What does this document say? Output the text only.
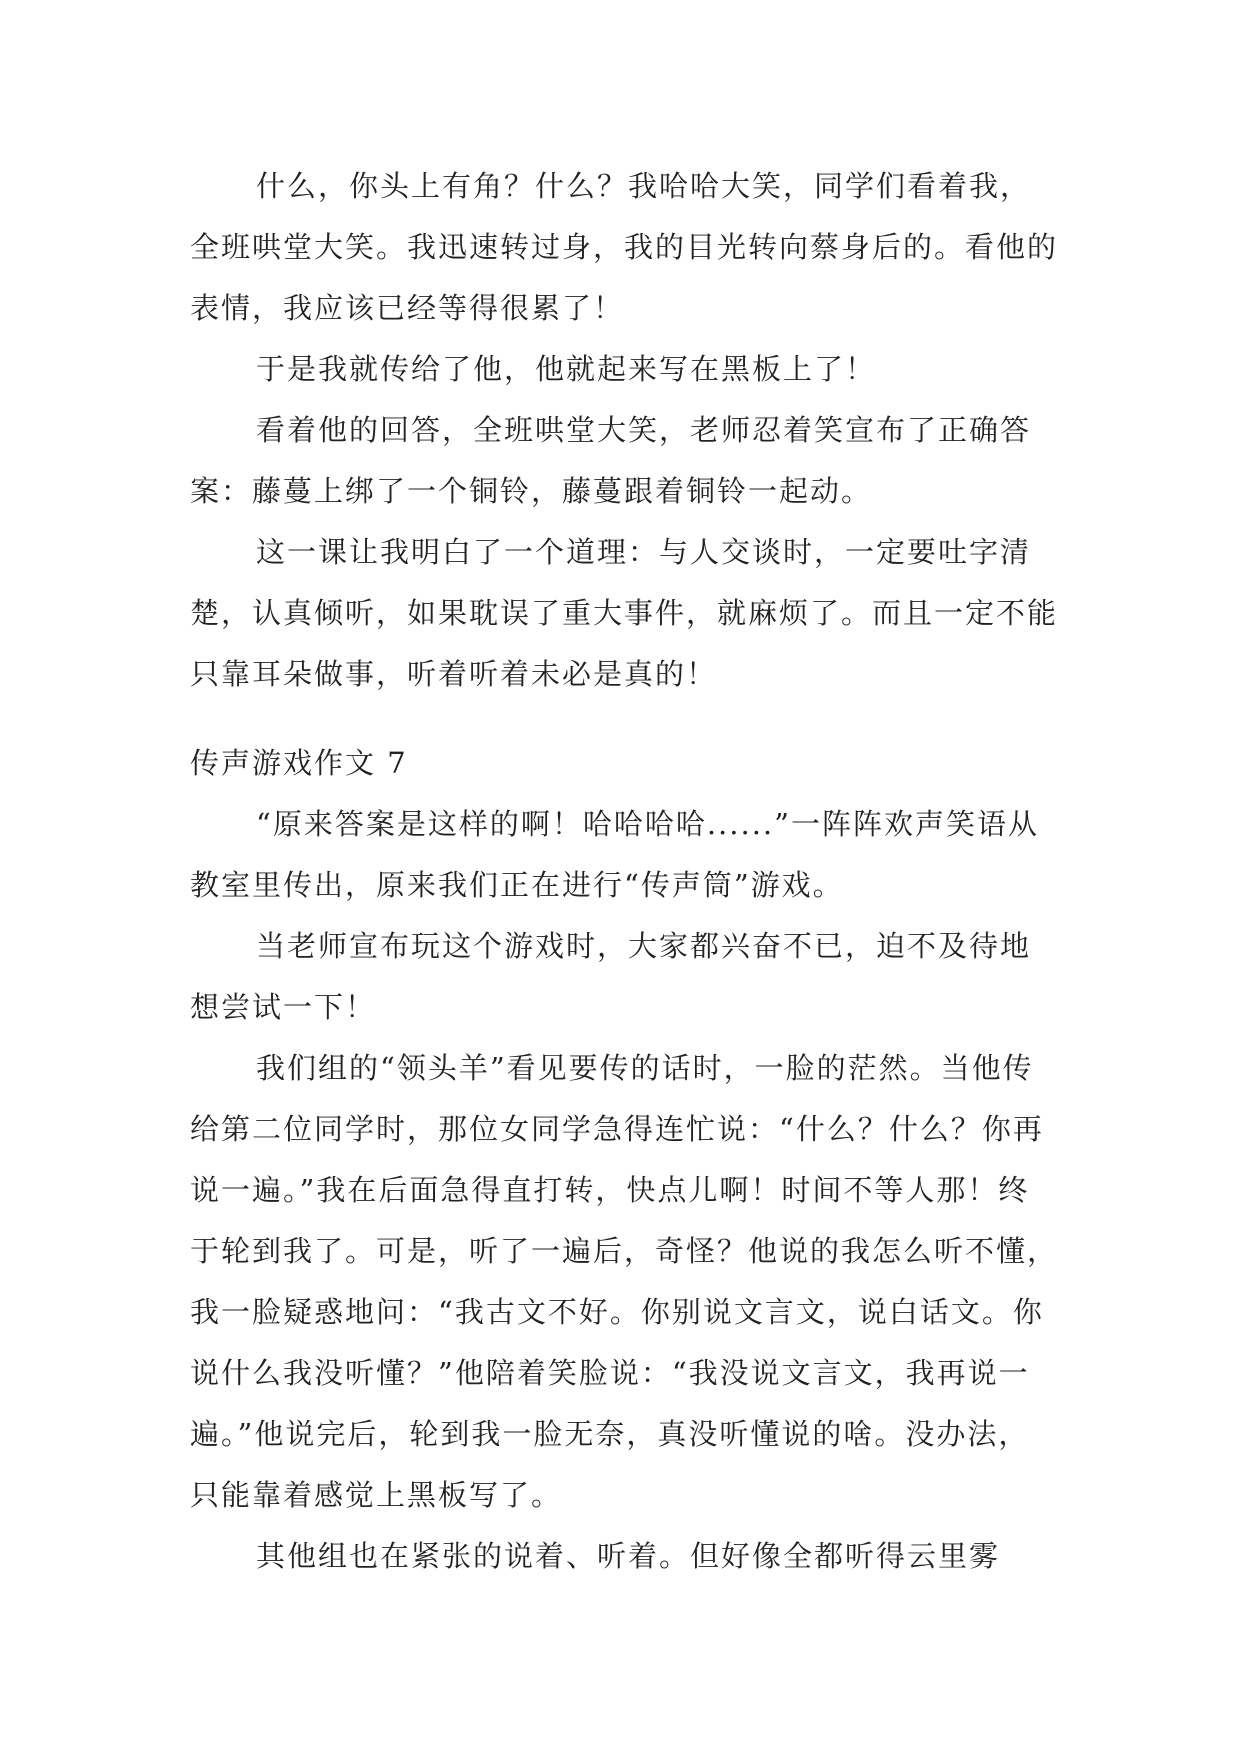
什么，你头上有角？什么？我哈哈大笑，同学们看着我，全班哄堂大笑。我迅速转过身，我的目光转向蔡身后的。看他的表情，我应该已经等得很累了！

于是我就传给了他，他就起来写在黑板上了！

看着他的回答，全班哄堂大笑，老师忍着笑宣布了正确答案：藤蔓上绑了一个铜铃，藤蔓跟着铜铃一起动。

这一课让我明白了一个道理：与人交谈时，一定要吐字清楚，认真倾听，如果耽误了重大事件，就麻烦了。而且一定不能只靠耳朵做事，听着听着未必是真的！

传声游戏作文 7

“原来答案是这样的啊！哈哈哈哈......”一阵阵欢声笑语从教室里传出，原来我们正在进行“传声筒”游戏。

当老师宣布玩这个游戏时，大家都兴奋不已，迫不及待地想尝试一下！

我们组的“领头羊”看见要传的话时，一脸的茫然。当他传给第二位同学时，那位女同学急得连忙说：“什么？什么？你再说一遍。”我在后面急得直打转，快点儿啊！时间不等人那！终于轮到我了。可是，听了一遍后，奇怪？他说的我怎么听不懂，我一脸疑惑地问：“我古文不好。你别说文言文，说白话文。你说什么我没听懂？”他陪着笑脸说：“我没说文言文，我再说一遍。”他说完后，轮到我一脸无奈，真没听懂说的啥。没办法，只能靠着感觉上黑板写了。

其他组也在紧张的说着、听着。但好像全都听得云里雾
